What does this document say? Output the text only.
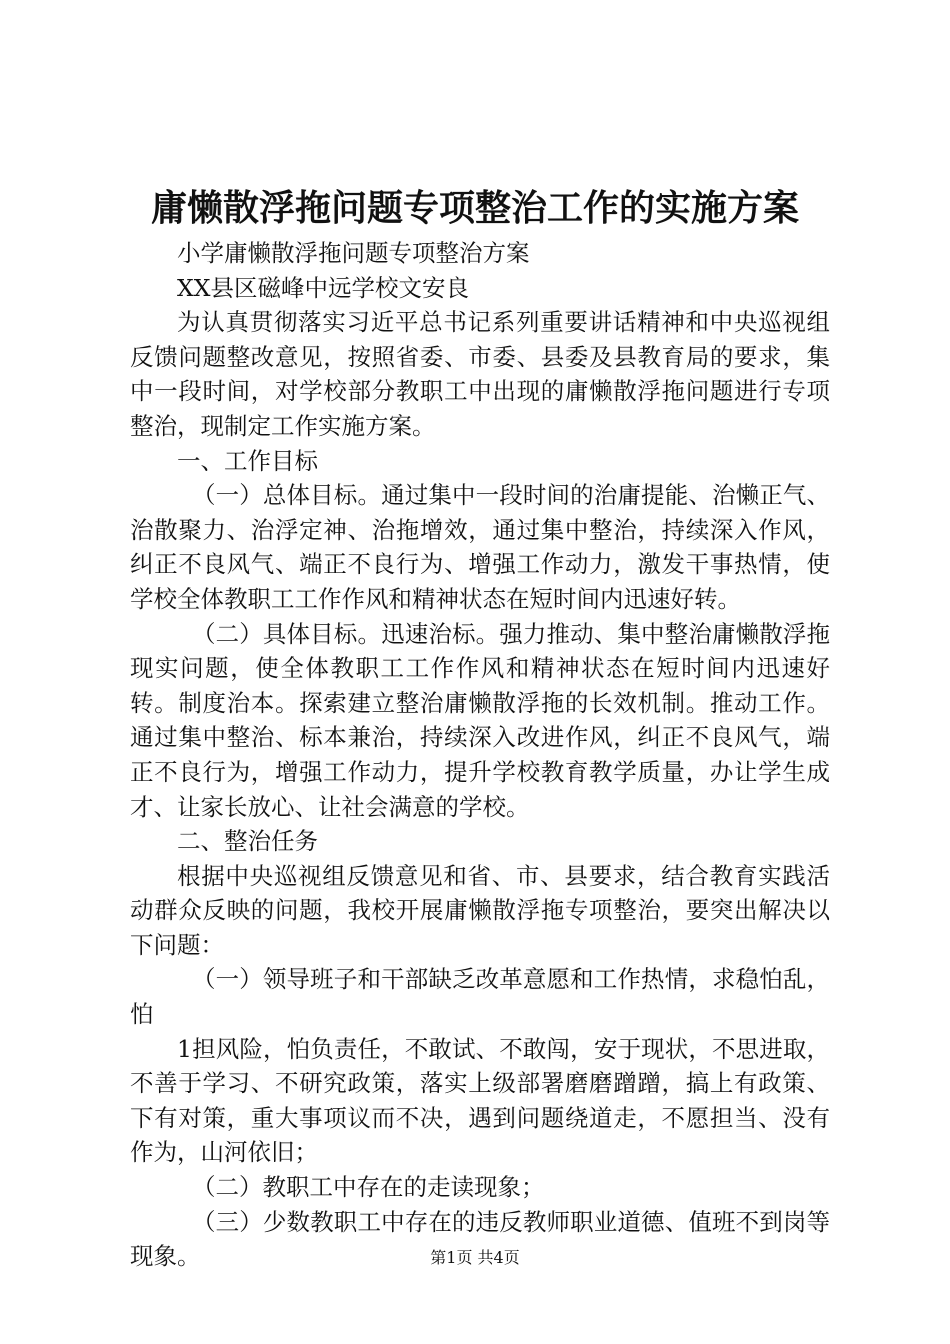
庸懒散浮拖问题专项整治工作的实施方案

小学庸懒散浮拖问题专项整治方案

XX县区磁峰中远学校文安良

为认真贯彻落实习近平总书记系列重要讲话精神和中央巡视组反馈问题整改意见，按照省委、市委、县委及县教育局的要求，集中一段时间，对学校部分教职工中出现的庸懒散浮拖问题进行专项整治，现制定工作实施方案。

一、工作目标

（一）总体目标。通过集中一段时间的治庸提能、治懒正气、治散聚力、治浮定神、治拖增效，通过集中整治，持续深入作风，纠正不良风气、端正不良行为、增强工作动力，激发干事热情，使学校全体教职工工作作风和精神状态在短时间内迅速好转。

（二）具体目标。迅速治标。强力推动、集中整治庸懒散浮拖现实问题，使全体教职工工作作风和精神状态在短时间内迅速好转。制度治本。探索建立整治庸懒散浮拖的长效机制。推动工作。通过集中整治、标本兼治，持续深入改进作风，纠正不良风气，端正不良行为，增强工作动力，提升学校教育教学质量，办让学生成才、让家长放心、让社会满意的学校。

二、整治任务

根据中央巡视组反馈意见和省、市、县要求，结合教育实践活动群众反映的问题，我校开展庸懒散浮拖专项整治，要突出解决以下问题：

（一）领导班子和干部缺乏改革意愿和工作热情，求稳怕乱，怕

1担风险，怕负责任，不敢试、不敢闯，安于现状，不思进取，不善于学习、不研究政策，落实上级部署磨磨蹭蹭，搞上有政策、下有对策，重大事项议而不决，遇到问题绕道走，不愿担当、没有作为，山河依旧；

（二）教职工中存在的走读现象；

（三）少数教职工中存在的违反教师职业道德、值班不到岗等现象。	第1页 共4页
